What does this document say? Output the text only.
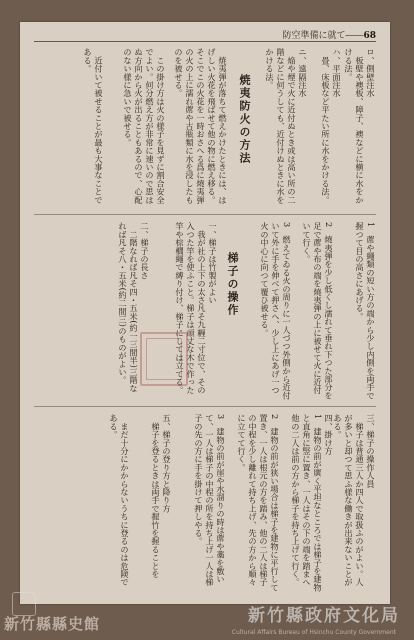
防空準備に就て――68
ロ、側壁注水
　板壁や襖板、障子、襖などに横に水をかける法。
ハ、平面注水
　畳、床板など平たい所に水をかける法。
ニ、遠隔注水
　焔や煙で火に近付ぬとき或は高い所の二階などに何うしても、近付けぬときに水をかける法。
焼夷防火の方法
　焼夷弾が落ちて燃えかけたときには、はげしい火花を飛ばせて他の物に燃え移る。そこでこの火花を一時おさへる爲に燒夷弾の火の上に濡れ蓆や古瓶類に水を浸したものを被せる。
　この掛け方は火の様子を見ずに割合安全でよい。何分燃え方が非常に速いので思はぬ方向から火が出ることもあるので、心配のない様に急いで被せる。
　近付いて被せることが最も大事なことである。
1　蓆や繩類の短い方の端から少し内側を両手で握つて目の高さにあげる。
2　燒夷弾を少し低くし濡れて垂れ下つた部分を足で蓆や布の端を燒夷弾の上に被せて火に近付いて行く。
3　燃えてゐる火の周りに一人づつ外側から近付いて外に手を伸べて押さへ、少し上にあげ一つ火の中心に向つて覆ひ被せる。
梯子の操作
一、梯子は竹製がよい
　我が社の上下の太さ凡そ九糎二寸位で、その入つた竿を使ふこと。梯子は頑丈な木で作った竿や棕櫚繩で縛り付け、梯子にしては立てる。
二、梯子の長さ
　二階なれば凡そ四・五米(約一三間半)三階なれば凡そ八・五米(約二間三)のものがよい。
三、梯子の操作人員
　梯子は普通三人か四人で取扱ふのがよい。人が多いと却つて思ふ様な働きが出来ないことがある。
四、掛け方
1　建物の前が廣く平坦なところでは梯子を建物と直角に竪に置き、一人はその下の端を踏まへ他の二人は前の方から梯子を持ち上げて行く。
2　建物の前が狭い場合は梯子を建物に平行して置き、一人は根元の方を踏み、他の二人は梯子の中程を少し離れて持ち上げ、先の方から順々に立てて行く。
3　建物の前が崖や水溜りの時は蓆や藁を敷いて、一人は梯子の中程の所を持ち上げ一人は梯子の先の方に手を掛けて押しやる。
五、梯子の登り方と降り方
　梯子を登るときは両手で握竹を握ることを
　まだ十分にかからないうちに登るのは危険である。
新竹縣縣史館	新竹縣政府文化局
Cultural Affairs Bureau of Hsinchu County Government
